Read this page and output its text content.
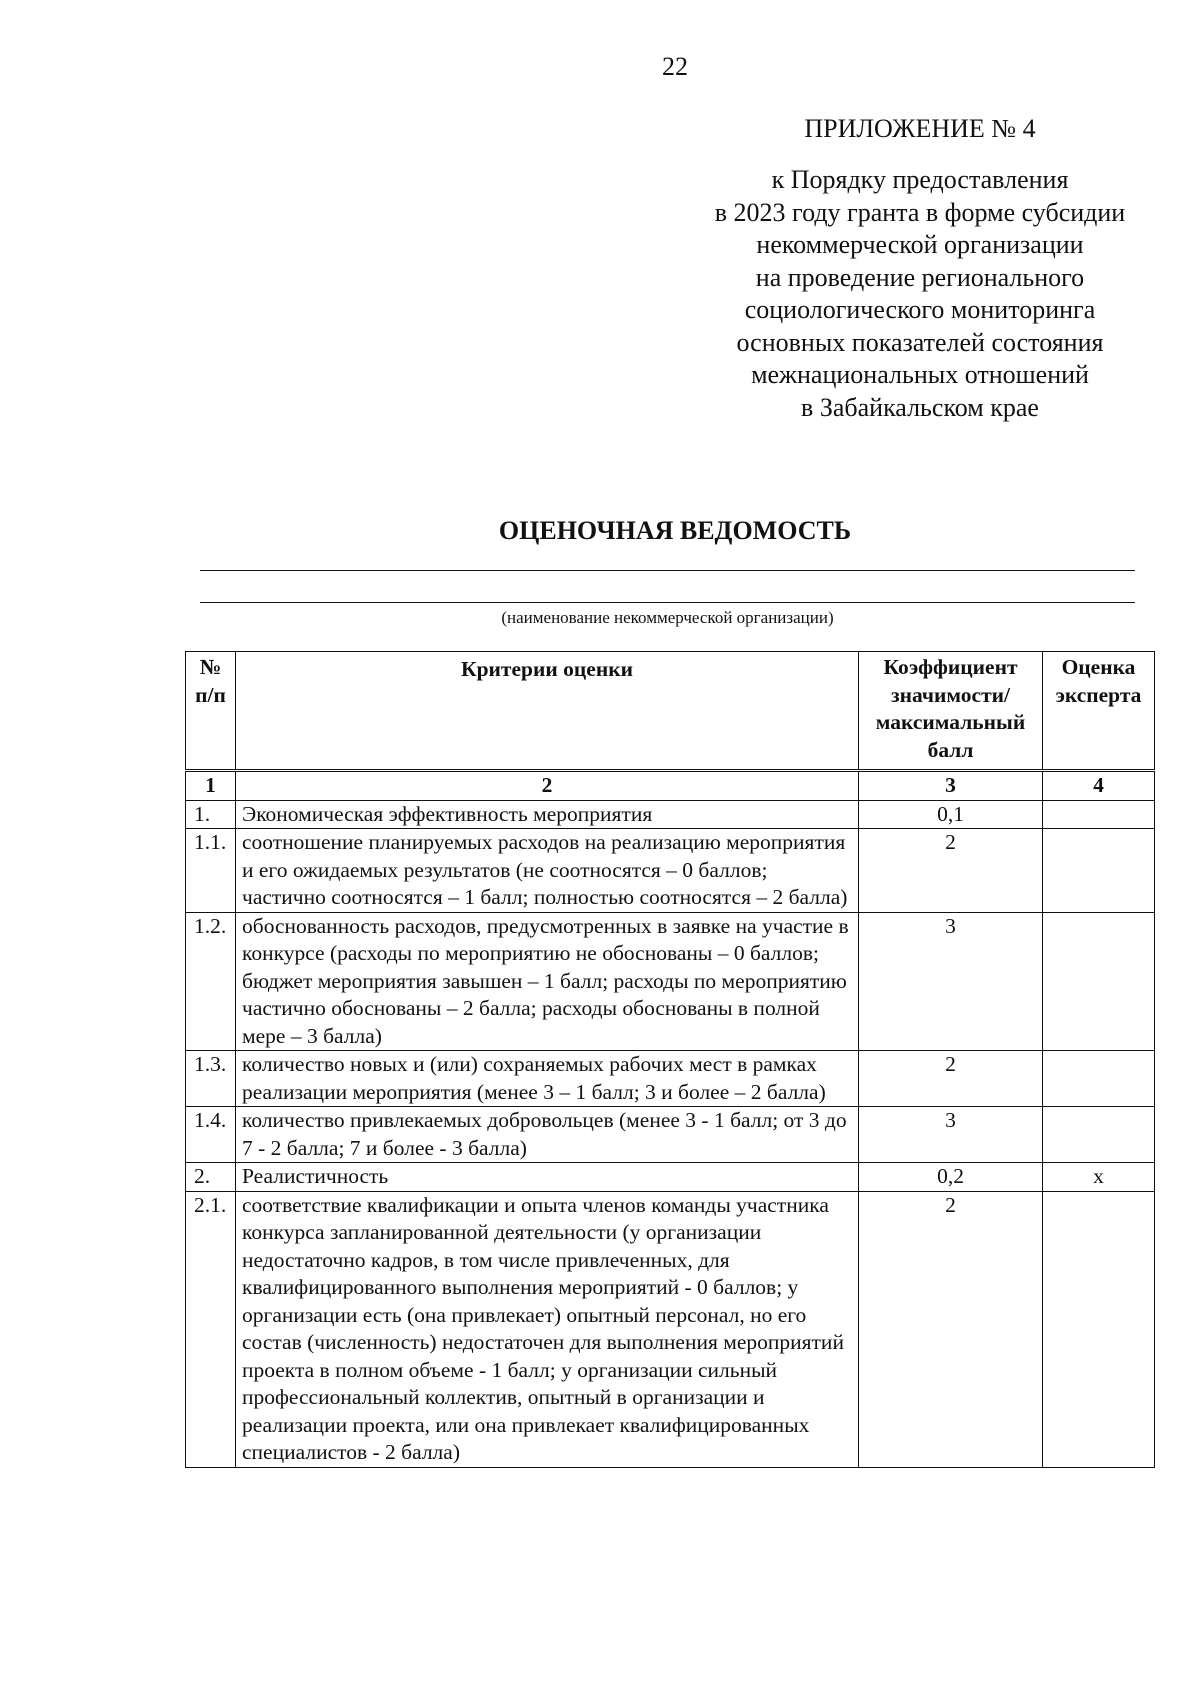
22
ПРИЛОЖЕНИЕ № 4
к Порядку предоставления
в 2023 году гранта в форме субсидии
некоммерческой организации
на проведение регионального
социологического мониторинга
основных показателей состояния
межнациональных отношений
в Забайкальском крае
ОЦЕНОЧНАЯ ВЕДОМОСТЬ
(наименование некоммерческой организации)
№ п/п	Критерии оценки	Коэффициент значимости/ максимальный балл	Оценка эксперта
1	2	3	4
1.	Экономическая эффективность мероприятия	0,1	
1.1.	соотношение планируемых расходов на реализацию мероприятия и его ожидаемых результатов (не соотносятся – 0 баллов; частично соотносятся – 1 балл; полностью соотносятся – 2 балла)	2	
1.2.	обоснованность расходов, предусмотренных в заявке на участие в конкурсе (расходы по мероприятию не обоснованы – 0 баллов; бюджет мероприятия завышен – 1 балл; расходы по мероприятию частично обоснованы – 2 балла; расходы обоснованы в полной мере – 3 балла)	3	
1.3.	количество новых и (или) сохраняемых рабочих мест в рамках реализации мероприятия (менее 3 – 1 балл; 3 и более – 2 балла)	2	
1.4.	количество привлекаемых добровольцев (менее 3 - 1 балл; от 3 до 7 - 2 балла; 7 и более - 3 балла)	3	
2.	Реалистичность	0,2	х
2.1.	соответствие квалификации и опыта членов команды участника конкурса запланированной деятельности (у организации недостаточно кадров, в том числе привлеченных, для квалифицированного выполнения мероприятий - 0 баллов; у организации есть (она привлекает) опытный персонал, но его состав (численность) недостаточен для выполнения мероприятий проекта в полном объеме - 1 балл; у организации сильный профессиональный коллектив, опытный в организации и реализации проекта, или она привлекает квалифицированных специалистов - 2 балла)	2	
